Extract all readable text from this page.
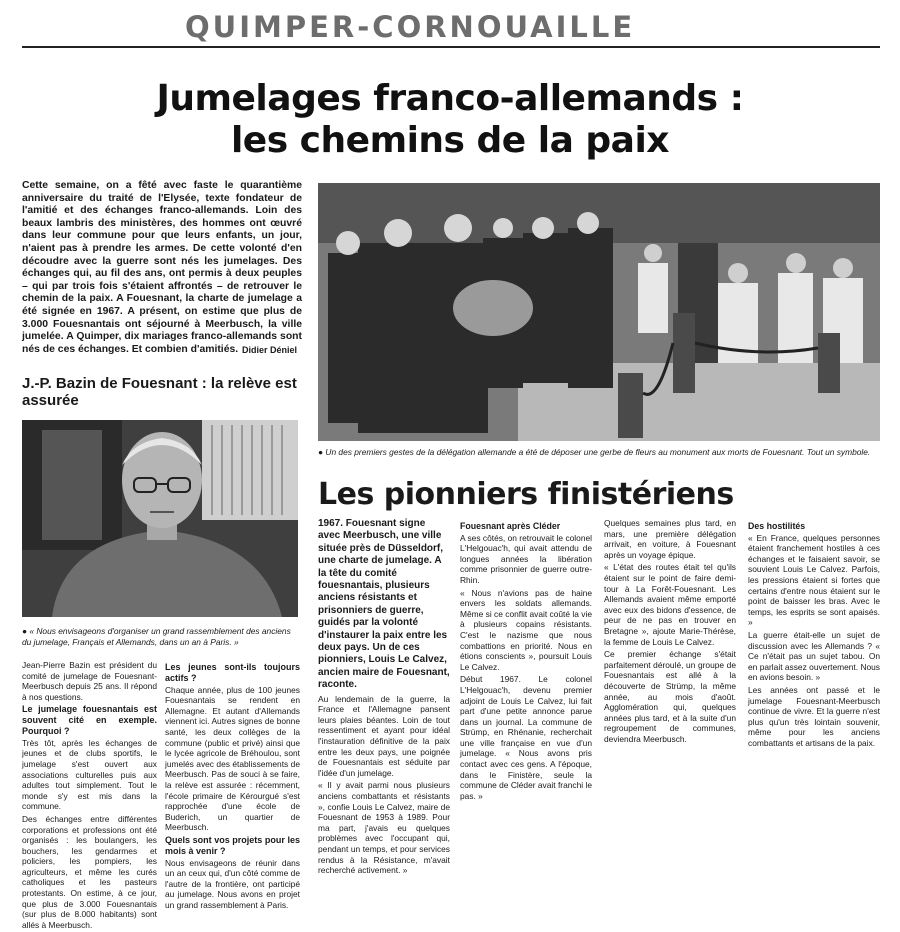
QUIMPER-CORNOUAILLE
Jumelages franco-allemands :
les chemins de la paix
Cette semaine, on a fêté avec faste le quarantième anniversaire du traité de l'Elysée, texte fondateur de l'amitié et des échanges franco-allemands. Loin des beaux lambris des ministères, des hommes ont œuvré dans leur commune pour que leurs enfants, un jour, n'aient pas à prendre les armes. De cette volonté d'en découdre avec la guerre sont nés les jumelages. Des échanges qui, au fil des ans, ont permis à deux peuples – qui par trois fois s'étaient affrontés – de retrouver le chemin de la paix. A Fouesnant, la charte de jumelage a été signée en 1967. A présent, on estime que plus de 3.000 Fouesnantais ont séjourné à Meerbusch, la ville jumelée. A Quimper, dix mariages franco-allemands sont nés de ces échanges. Et combien d'amitiés. Didier Déniel
J.-P. Bazin de Fouesnant : la relève est assurée
● « Nous envisageons d'organiser un grand rassemblement des anciens du jumelage, Français et Allemands, dans un an à Paris. »
● Un des premiers gestes de la délégation allemande a été de déposer une gerbe de fleurs au monument aux morts de Fouesnant. Tout un symbole.
Les pionniers finistériens

Jean-Pierre Bazin est président du comité de jumelage de Fouesnant-Meerbusch depuis 25 ans. Il répond à nos questions.

Le jumelage fouesnantais est souvent cité en exemple. Pourquoi ?

Très tôt, après les échanges de jeunes et de clubs sportifs, le jumelage s'est ouvert aux associations culturelles puis aux adultes tout simplement. Tout le monde s'y est mis dans la commune.

Des échanges entre différentes corporations et professions ont été organisés : les boulangers, les bouchers, les gendarmes et policiers, les pompiers, les agriculteurs, et même les curés catholiques et les pasteurs protestants. On estime, à ce jour, que plus de 3.000 Fouesnantais (sur plus de 8.000 habitants) sont allés à Meerbusch.

Les jeunes sont-ils toujours actifs ?

Chaque année, plus de 100 jeunes Fouesnantais se rendent en Allemagne. Et autant d'Allemands viennent ici. Autres signes de bonne santé, les deux collèges de la commune (public et privé) ainsi que le lycée agricole de Bréhoulou, sont jumelés avec des établissements de Meerbusch. Pas de souci à se faire, la relève est assurée : récemment, l'école primaire de Kérourgué s'est rapprochée d'une école de Buderich, un quartier de Meerbusch.

Quels sont vos projets pour les mois à venir ?

Nous envisageons de réunir dans un an ceux qui, d'un côté comme de l'autre de la frontière, ont participé au jumelage. Nous avons en projet un grand rassemblement à Paris.

1967. Fouesnant signe avec Meerbusch, une ville située près de Düsseldorf, une charte de jumelage. A la tête du comité fouesnantais, plusieurs anciens résistants et prisonniers de guerre, guidés par la volonté d'instaurer la paix entre les deux pays. Un de ces pionniers, Louis Le Calvez, ancien maire de Fouesnant, raconte.

Au lendemain de la guerre, la France et l'Allemagne pansent leurs plaies béantes. Loin de tout ressentiment et ayant pour idéal l'instauration définitive de la paix entre les deux pays, une poignée de Fouesnantais est séduite par l'idée d'un jumelage.

« Il y avait parmi nous plusieurs anciens combattants et résistants », confie Louis Le Calvez, maire de Fouesnant de 1953 à 1989. Pour ma part, j'avais eu quelques problèmes avec l'occupant qui, pendant un temps, et pour services rendus à la Résistance, m'avait recherché activement. »

Fouesnant après Cléder

A ses côtés, on retrouvait le colonel L'Helgouac'h, qui avait attendu de longues années la libération comme prisonnier de guerre outre-Rhin.

« Nous n'avions pas de haine envers les soldats allemands. Même si ce conflit avait coûté la vie à plusieurs copains résistants. C'est le nazisme que nous combattions en priorité. Nous en étions conscients », poursuit Louis Le Calvez.

Début 1967. Le colonel L'Helgouac'h, devenu premier adjoint de Louis Le Calvez, lui fait part d'une petite annonce parue dans un journal. La commune de Strümp, en Rhénanie, recherchait une ville française en vue d'un jumelage. « Nous avons pris contact avec ces gens. A l'époque, dans le Finistère, seule la commune de Cléder avait franchi le pas. »

Quelques semaines plus tard, en mars, une première délégation arrivait, en voiture, à Fouesnant après un voyage épique.

« L'état des routes était tel qu'ils étaient sur le point de faire demi-tour à La Forêt-Fouesnant. Les Allemands avaient même emporté avec eux des bidons d'essence, de peur de ne pas en trouver en Bretagne », ajoute Marie-Thérèse, la femme de Louis Le Calvez.

Ce premier échange s'était parfaitement déroulé, un groupe de Fouesnantais est allé à la découverte de Strümp, la même année, au mois d'août. Agglomération qui, quelques années plus tard, et à la suite d'un regroupement de communes, deviendra Meerbusch.

Des hostilités

« En France, quelques personnes étaient franchement hostiles à ces échanges et le faisaient savoir, se souvient Louis Le Calvez. Parfois, les pressions étaient si fortes que certains d'entre nous étaient sur le point de baisser les bras. Avec le temps, les esprits se sont apaisés. »

La guerre était-elle un sujet de discussion avec les Allemands ? « Ce n'était pas un sujet tabou. On en parlait assez ouvertement. Nous en avions besoin. »

Les années ont passé et le jumelage Fouesnant-Meerbusch continue de vivre. Et la guerre n'est plus qu'un très lointain souvenir, même pour les anciens combattants et artisans de la paix.
